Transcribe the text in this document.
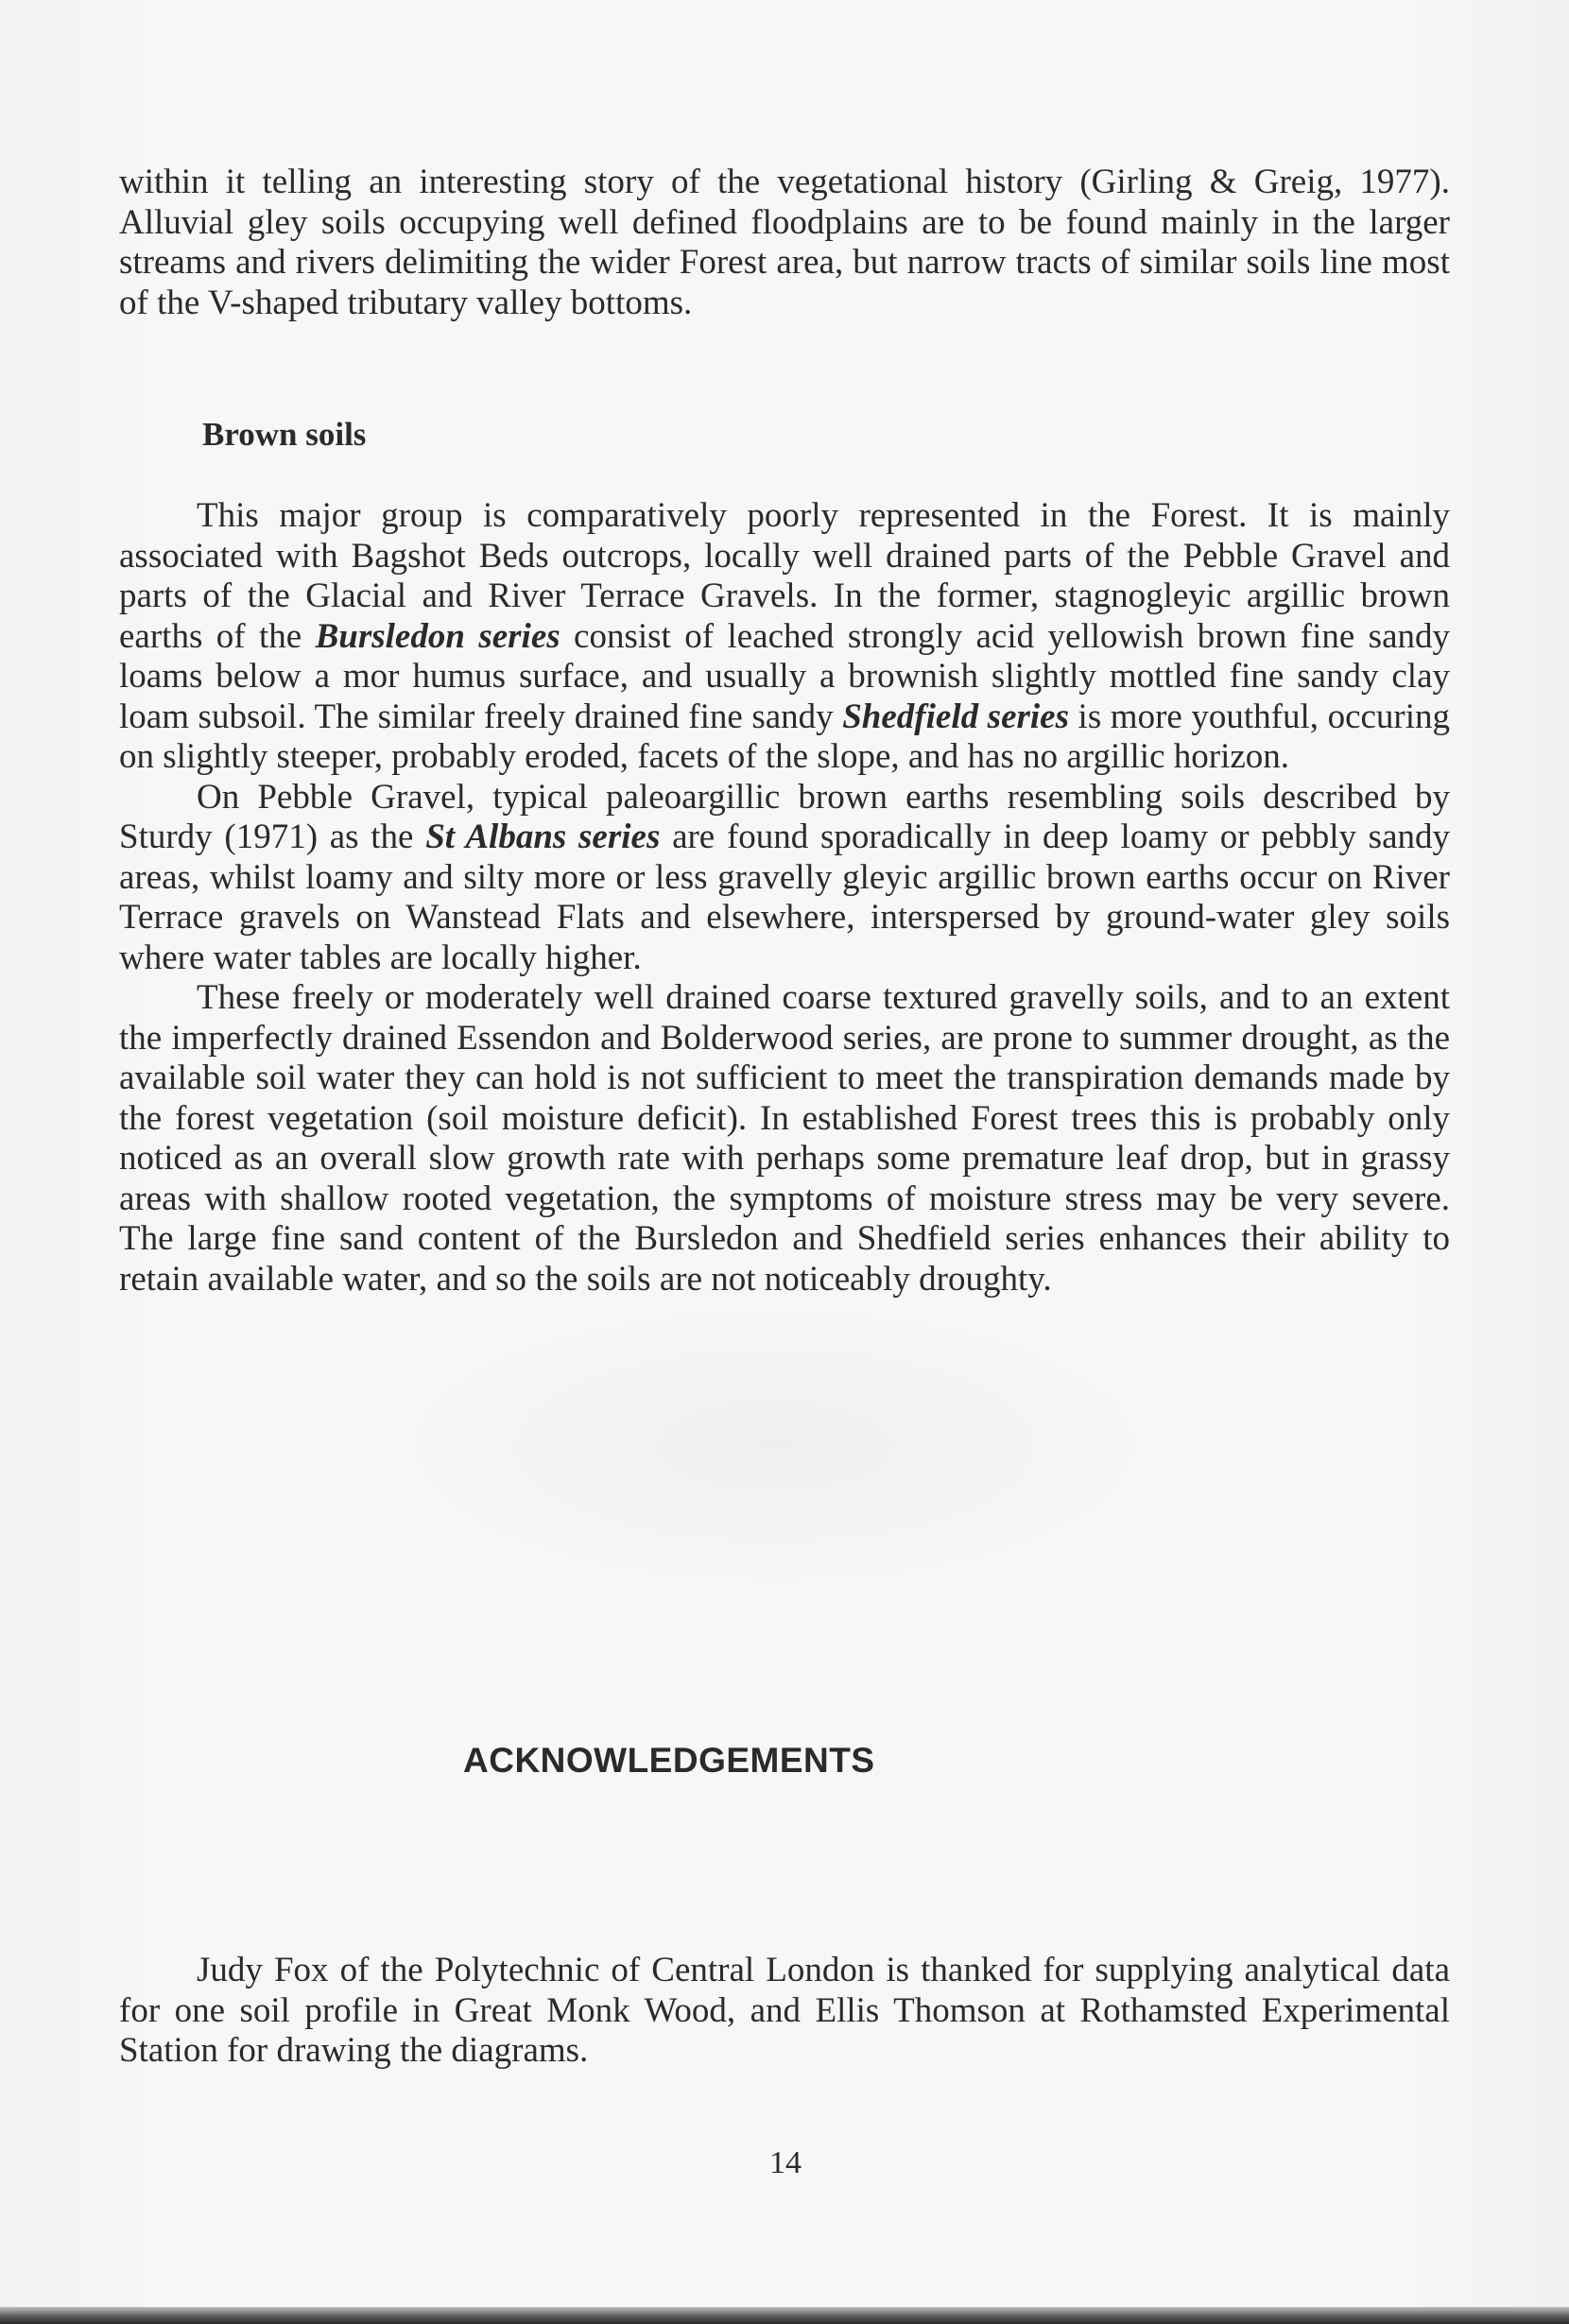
within it telling an interesting story of the vegetational history (Girling & Greig, 1977). Alluvial gley soils occupying well defined floodplains are to be found mainly in the larger streams and rivers delimiting the wider Forest area, but narrow tracts of similar soils line most of the V-shaped tributary valley bottoms.

Brown soils

This major group is comparatively poorly represented in the Forest. It is mainly associated with Bagshot Beds outcrops, locally well drained parts of the Pebble Gravel and parts of the Glacial and River Terrace Gravels. In the former, stagnogleyic argillic brown earths of the Bursledon series consist of leached strongly acid yellowish brown fine sandy loams below a mor humus surface, and usually a brownish slightly mottled fine sandy clay loam subsoil. The similar freely drained fine sandy Shedfield series is more youthful, occuring on slightly steeper, probably eroded, facets of the slope, and has no argillic horizon.

On Pebble Gravel, typical paleoargillic brown earths resembling soils described by Sturdy (1971) as the St Albans series are found sporadically in deep loamy or pebbly sandy areas, whilst loamy and silty more or less gravelly gleyic argillic brown earths occur on River Terrace gravels on Wanstead Flats and elsewhere, interspersed by ground-water gley soils where water tables are locally higher.

These freely or moderately well drained coarse textured gravelly soils, and to an extent the imperfectly drained Essendon and Bolderwood series, are prone to summer drought, as the available soil water they can hold is not sufficient to meet the transpiration demands made by the forest vegetation (soil moisture deficit). In established Forest trees this is probably only noticed as an overall slow growth rate with perhaps some premature leaf drop, but in grassy areas with shallow rooted vegetation, the symptoms of moisture stress may be very severe. The large fine sand content of the Bursledon and Shedfield series enhances their ability to retain available water, and so the soils are not noticeably droughty.

ACKNOWLEDGEMENTS

Judy Fox of the Polytechnic of Central London is thanked for supplying analytical data for one soil profile in Great Monk Wood, and Ellis Thomson at Rothamsted Experimental Station for drawing the diagrams.

14
